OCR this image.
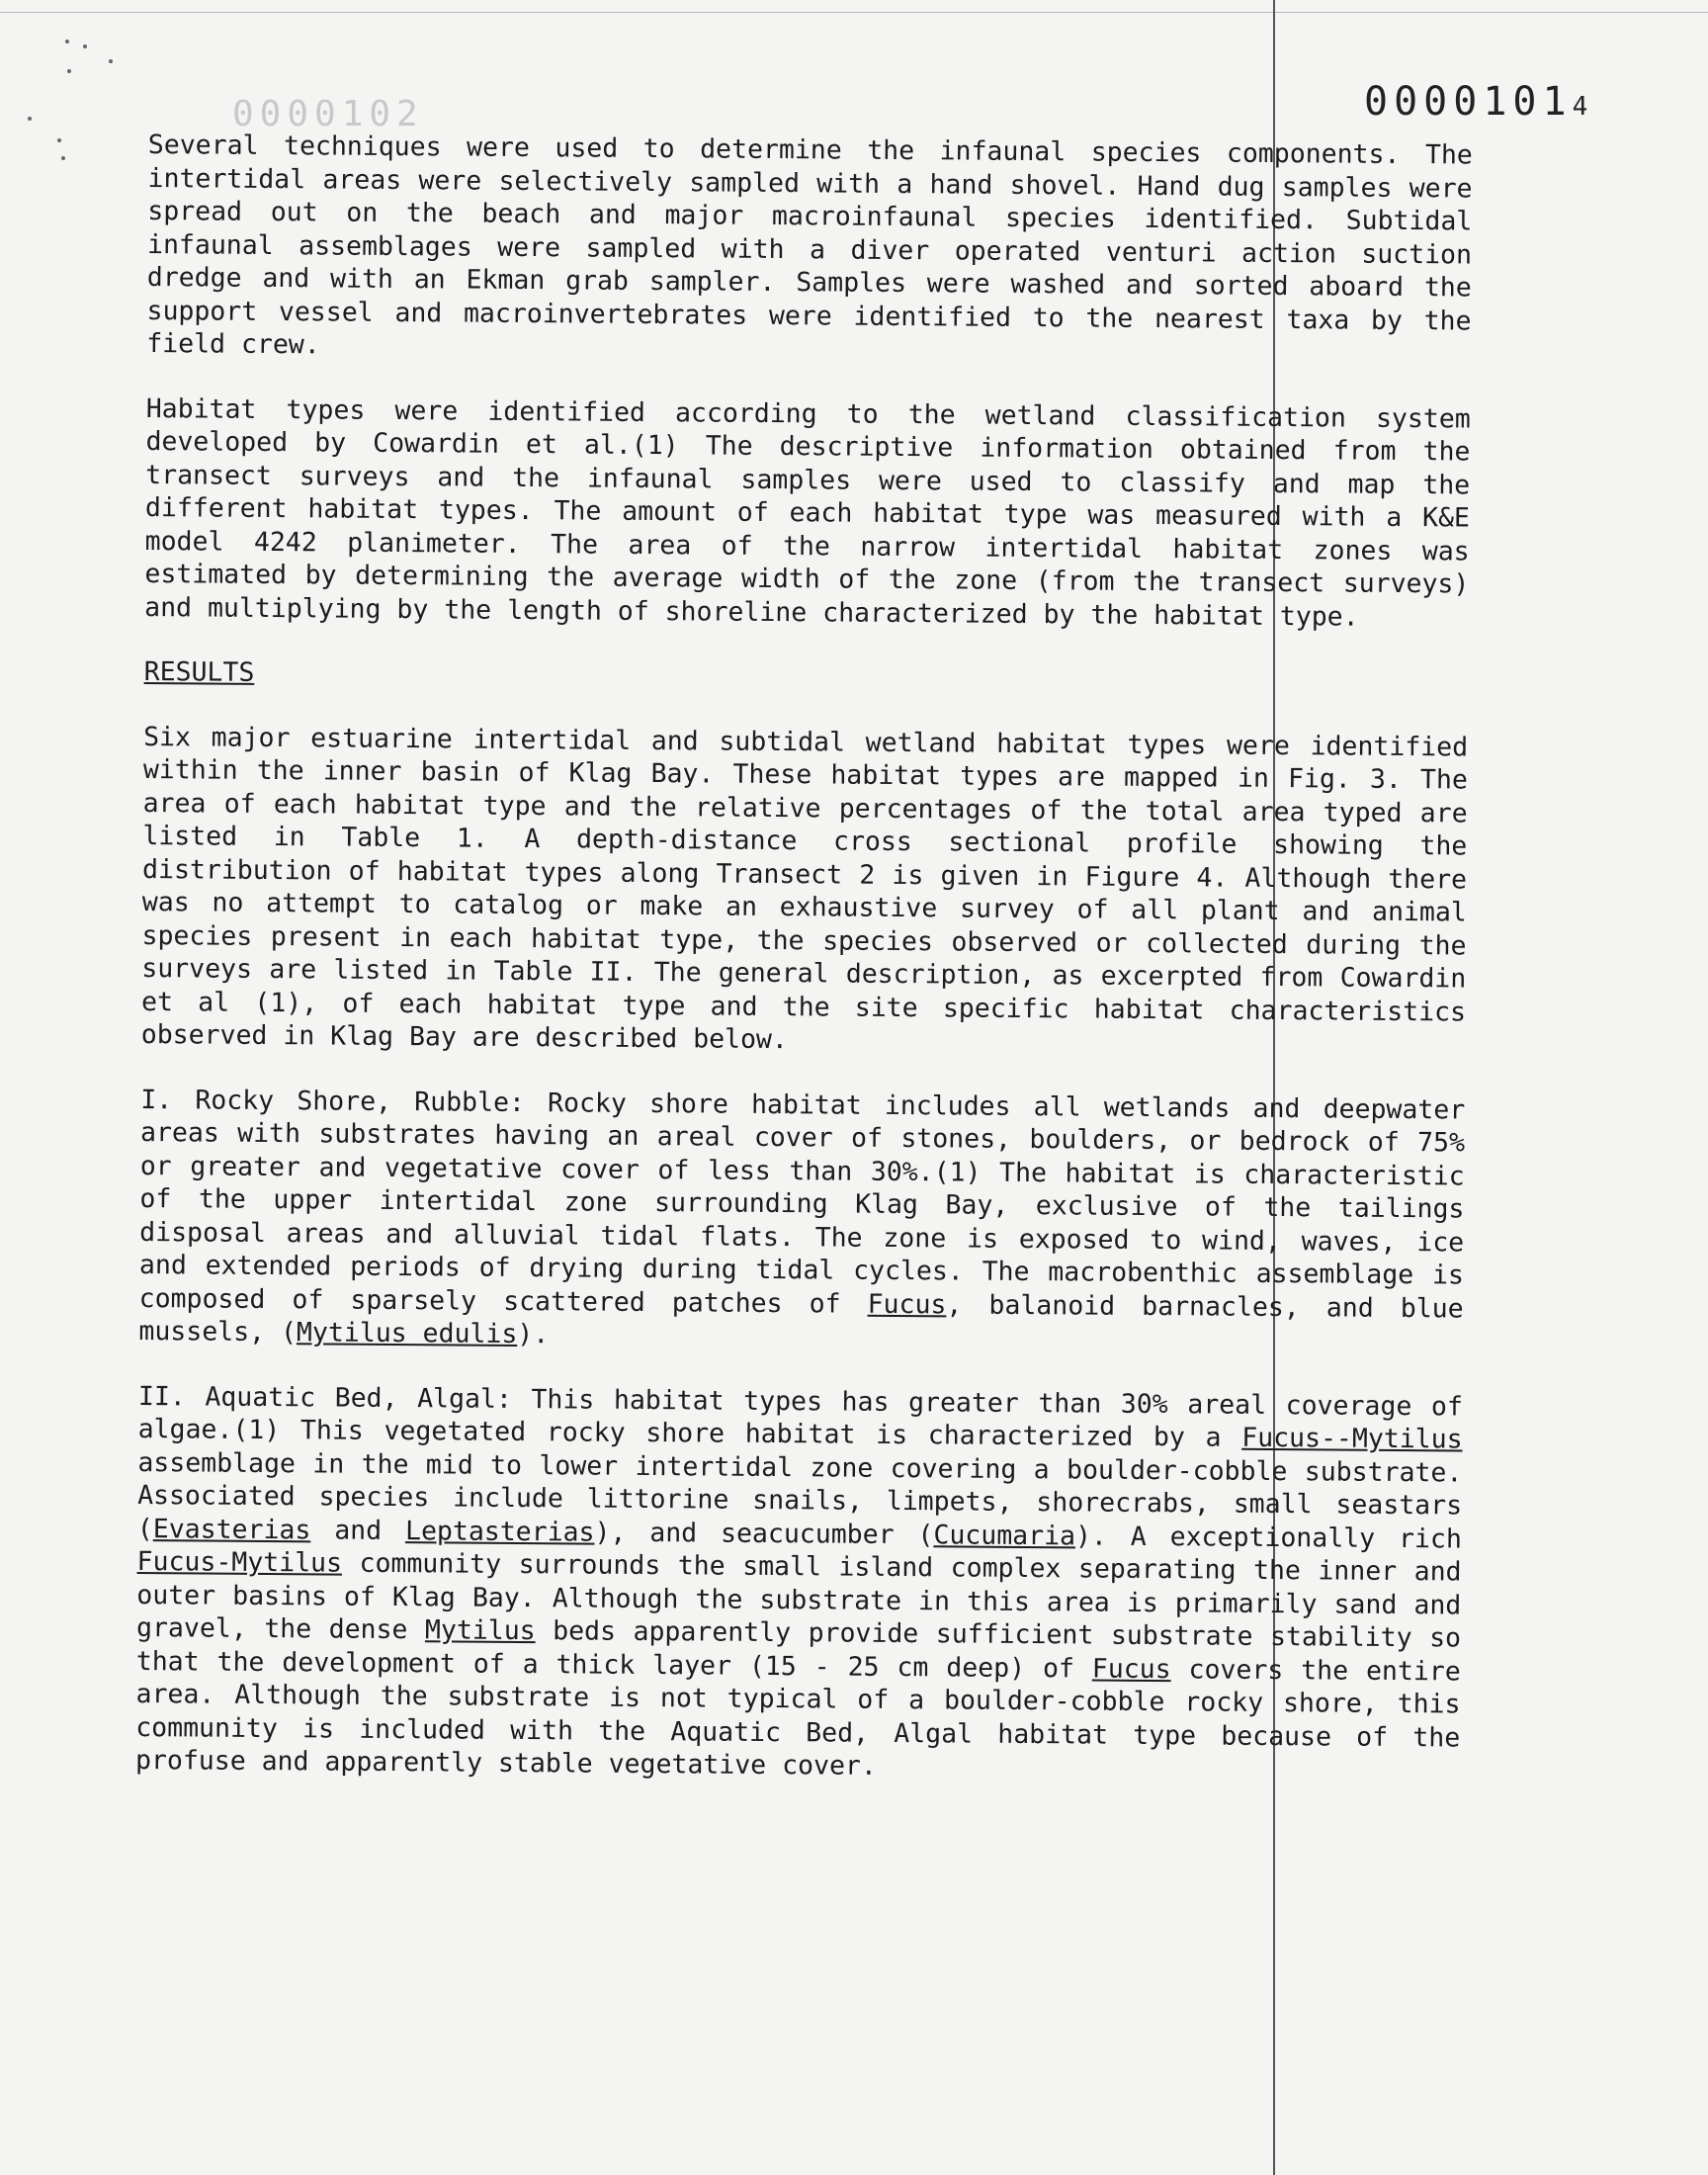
0000102	00001014

Several techniques were used to determine the infaunal species components. The intertidal areas were selectively sampled with a hand shovel. Hand dug samples were spread out on the beach and major macroinfaunal species identified. Subtidal infaunal assemblages were sampled with a diver operated venturi action suction dredge and with an Ekman grab sampler. Samples were washed and sorted aboard the support vessel and macroinvertebrates were identified to the nearest taxa by the field crew.

Habitat types were identified according to the wetland classification system developed by Cowardin et al.(1) The descriptive information obtained from the transect surveys and the infaunal samples were used to classify and map the different habitat types. The amount of each habitat type was measured with a K&E model 4242 planimeter. The area of the narrow intertidal habitat zones was estimated by determining the average width of the zone (from the transect surveys) and multiplying by the length of shoreline characterized by the habitat type.

RESULTS

Six major estuarine intertidal and subtidal wetland habitat types were identified within the inner basin of Klag Bay. These habitat types are mapped in Fig. 3. The area of each habitat type and the relative percentages of the total area typed are listed in Table 1. A depth-distance cross sectional profile showing the distribution of habitat types along Transect 2 is given in Figure 4. Although there was no attempt to catalog or make an exhaustive survey of all plant and animal species present in each habitat type, the species observed or collected during the surveys are listed in Table II. The general description, as excerpted from Cowardin et al (1), of each habitat type and the site specific habitat characteristics observed in Klag Bay are described below.

I. Rocky Shore, Rubble: Rocky shore habitat includes all wetlands and deepwater areas with substrates having an areal cover of stones, boulders, or bedrock of 75% or greater and vegetative cover of less than 30%.(1) The habitat is characteristic of the upper intertidal zone surrounding Klag Bay, exclusive of the tailings disposal areas and alluvial tidal flats. The zone is exposed to wind, waves, ice and extended periods of drying during tidal cycles. The macrobenthic assemblage is composed of sparsely scattered patches of Fucus, balanoid barnacles, and blue mussels, (Mytilus edulis).

II. Aquatic Bed, Algal: This habitat types has greater than 30% areal coverage of algae.(1) This vegetated rocky shore habitat is characterized by a Fucus--Mytilus assemblage in the mid to lower intertidal zone covering a boulder-cobble substrate. Associated species include littorine snails, limpets, shorecrabs, small seastars (Evasterias and Leptasterias), and seacucumber (Cucumaria). A exceptionally rich Fucus-Mytilus community surrounds the small island complex separating the inner and outer basins of Klag Bay. Although the substrate in this area is primarily sand and gravel, the dense Mytilus beds apparently provide sufficient substrate stability so that the development of a thick layer (15 - 25 cm deep) of Fucus covers the entire area. Although the substrate is not typical of a boulder-cobble rocky shore, this community is included with the Aquatic Bed, Algal habitat type because of the profuse and apparently stable vegetative cover.
